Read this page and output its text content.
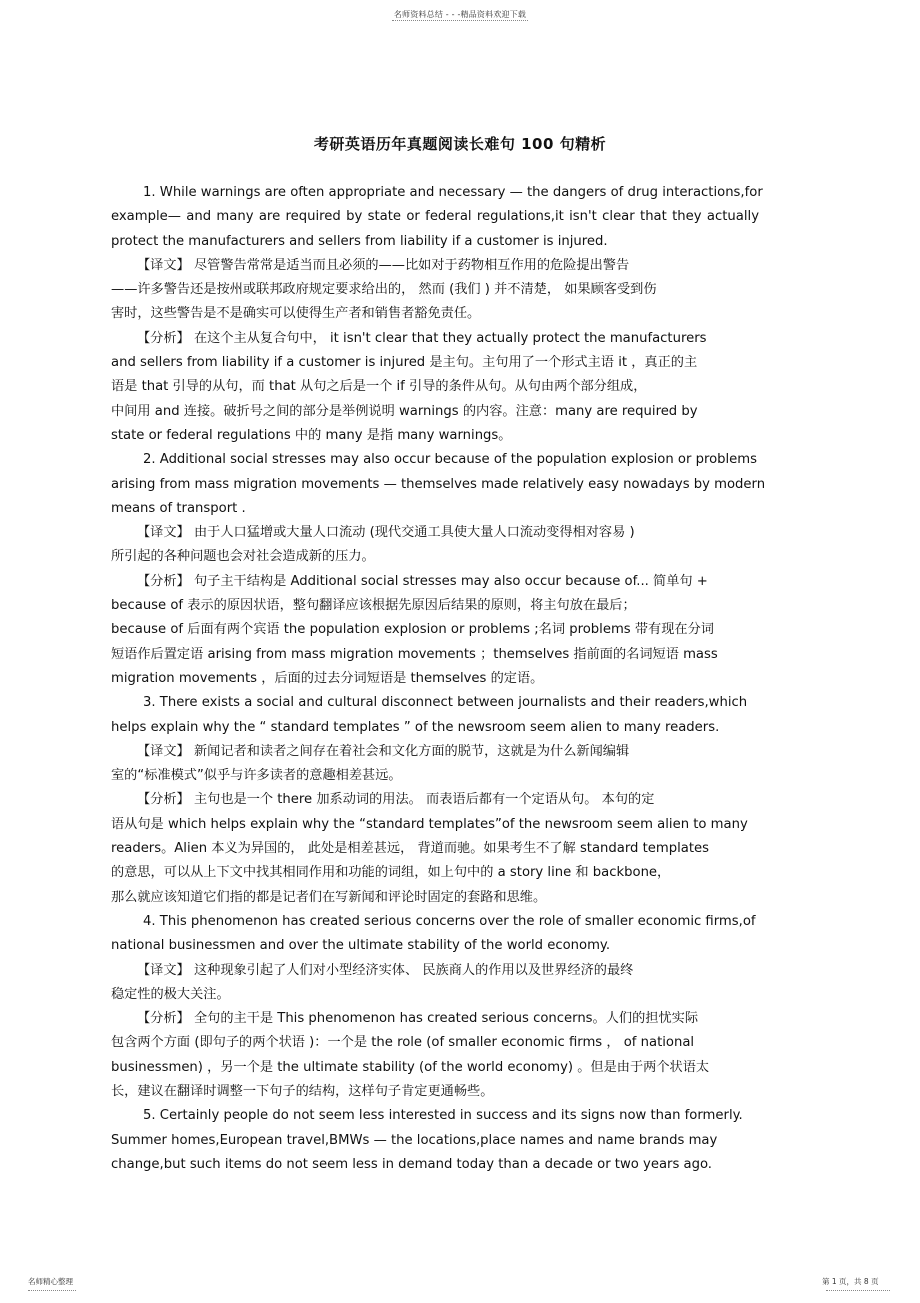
名师资料总结 - - -精品资料欢迎下载
考研英语历年真题阅读长难句 100 句精析
1. While warnings are often appropriate and necessary — the dangers of drug interactions,for
example— and many are required by state or federal regulations,it isn't clear that they actually
protect the manufacturers and sellers from liability if a customer is injured.
【译文】 尽管警告常常是适当而且必须的——比如对于药物相互作用的危险提出警告
——许多警告还是按州或联邦政府规定要求给出的， 然而 (我们 ) 并不清楚， 如果顾客受到伤
害时，这些警告是不是确实可以使得生产者和销售者豁免责任。
【分析】 在这个主从复合句中， it isn't clear that they actually protect the manufacturers
and sellers from liability if a customer is injured 是主句。主句用了一个形式主语 it ，真正的主
语是 that 引导的从句，而 that 从句之后是一个 if 引导的条件从句。从句由两个部分组成，
中间用 and 连接。破折号之间的部分是举例说明 warnings 的内容。注意：many are required by
state or federal regulations 中的 many 是指 many warnings。
2. Additional social stresses may also occur because of the population explosion or problems
arising from mass migration movements — themselves made relatively easy nowadays by modern
means of transport .
【译文】 由于人口猛增或大量人口流动 (现代交通工具使大量人口流动变得相对容易 )
所引起的各种问题也会对社会造成新的压力。
【分析】 句子主干结构是 Additional social stresses may also occur because of... 简单句 +
because of 表示的原因状语，整句翻译应该根据先原因后结果的原则，将主句放在最后；
because of 后面有两个宾语 the population explosion or problems ;名词 problems 带有现在分词
短语作后置定语 arising from mass migration movements ；themselves 指前面的名词短语 mass
migration movements ，后面的过去分词短语是 themselves 的定语。
3. There exists a social and cultural disconnect between journalists and their readers,which
helps explain why the “ standard templates ” of the newsroom seem alien to many readers.
【译文】 新闻记者和读者之间存在着社会和文化方面的脱节，这就是为什么新闻编辑
室的“标准模式”似乎与许多读者的意趣相差甚远。
【分析】 主句也是一个 there 加系动词的用法。 而表语后都有一个定语从句。 本句的定
语从句是 which helps explain why the “standard templates”of the newsroom seem alien to many
readers。Alien 本义为异国的， 此处是相差甚远， 背道而驰。如果考生不了解 standard templates
的意思，可以从上下文中找其相同作用和功能的词组，如上句中的 a story line 和 backbone，
那么就应该知道它们指的都是记者们在写新闻和评论时固定的套路和思维。
4. This phenomenon has created serious concerns over the role of smaller economic firms,of
national businessmen and over the ultimate stability of the world economy.
【译文】 这种现象引起了人们对小型经济实体、 民族商人的作用以及世界经济的最终
稳定性的极大关注。
【分析】 全句的主干是 This phenomenon has created serious concerns。人们的担忧实际
包含两个方面 (即句子的两个状语 )：一个是 the role (of smaller economic firms ， of national
businessmen) ，另一个是 the ultimate stability (of the world economy) 。但是由于两个状语太
长，建议在翻译时调整一下句子的结构，这样句子肯定更通畅些。
5. Certainly people do not seem less interested in success and its signs now than formerly.
Summer homes,European travel,BMWs — the locations,place names and name brands may
change,but such items do not seem less in demand today than a decade or two years ago.
名师精心整理	第 1 页，共 8 页
